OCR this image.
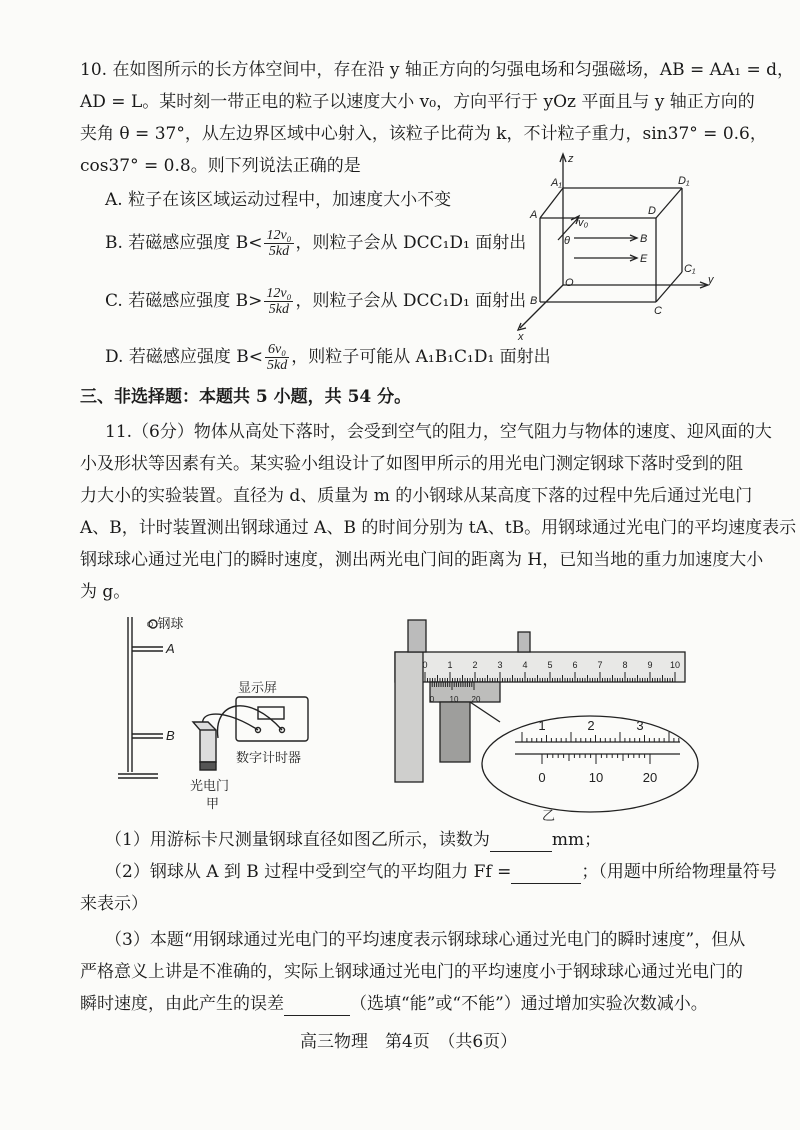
10. 在如图所示的长方体空间中，存在沿 y 轴正方向的匀强电场和匀强磁场，AB = AA₁ = d，
AD = L。某时刻一带正电的粒子以速度大小 v₀，方向平行于 yOz 平面且与 y 轴正方向的
夹角 θ = 37°，从左边界区域中心射入，该粒子比荷为 k，不计粒子重力，sin37° = 0.6，
cos37° = 0.8。则下列说法正确的是
A. 粒子在该区域运动过程中，加速度大小不变
B. 若磁感应强度 $B< \frac{\text{12v₀}}{5kd}$ ，则粒子会从 DCC₁D₁ 面射出
C. 若磁感应强度 $B> \frac{\text{12v₀}}{5kd}$ ，则粒子会从 DCC₁D₁ 面射出
D. 若磁感应强度 $B< \frac{\text{6v₀}}{5kd}$ ，则粒子可能从 A₁B₁C₁D₁ 面射出
z
y
x
A₁	D₁
A	D
v₀
θ	B
E
C₁
O
B
C
三、非选择题：本题共 5 小题，共 54 分。
11.（6分）物体从高处下落时，会受到空气的阻力，空气阻力与物体的速度、迎风面的大
小及形状等因素有关。某实验小组设计了如图甲所示的用光电门测定钢球下落时受到的阻
力大小的实验装置。直径为 d、质量为 m 的小钢球从某高度下落的过程中先后通过光电门
A、B，计时装置测出钢球通过 A、B 的时间分别为 tA、tB。用钢球通过光电门的平均速度表示
钢球球心通过光电门的瞬时速度，测出两光电门间的距离为 H，已知当地的重力加速度大小
为 g。
○ 钢球
A
B
显示屏
数字计时器
光电门
甲
0 1 2 3 4 5 6 7 8 9 10
0 10 20
1	2	3
0	10	20
乙
（1）用游标卡尺测量钢球直径如图乙所示，读数为	mm；
（2）钢球从 A 到 B 过程中受到空气的平均阻力 Ff =	；（用题中所给物理量符号
来表示）
（3）本题“用钢球通过光电门的平均速度表示钢球球心通过光电门的瞬时速度”，但从
严格意义上讲是不准确的，实际上钢球通过光电门的平均速度小于钢球球心通过光电门的
瞬时速度，由此产生的误差	（选填“能”或“不能”）通过增加实验次数减小。
高三物理　第4页　（共6页）
